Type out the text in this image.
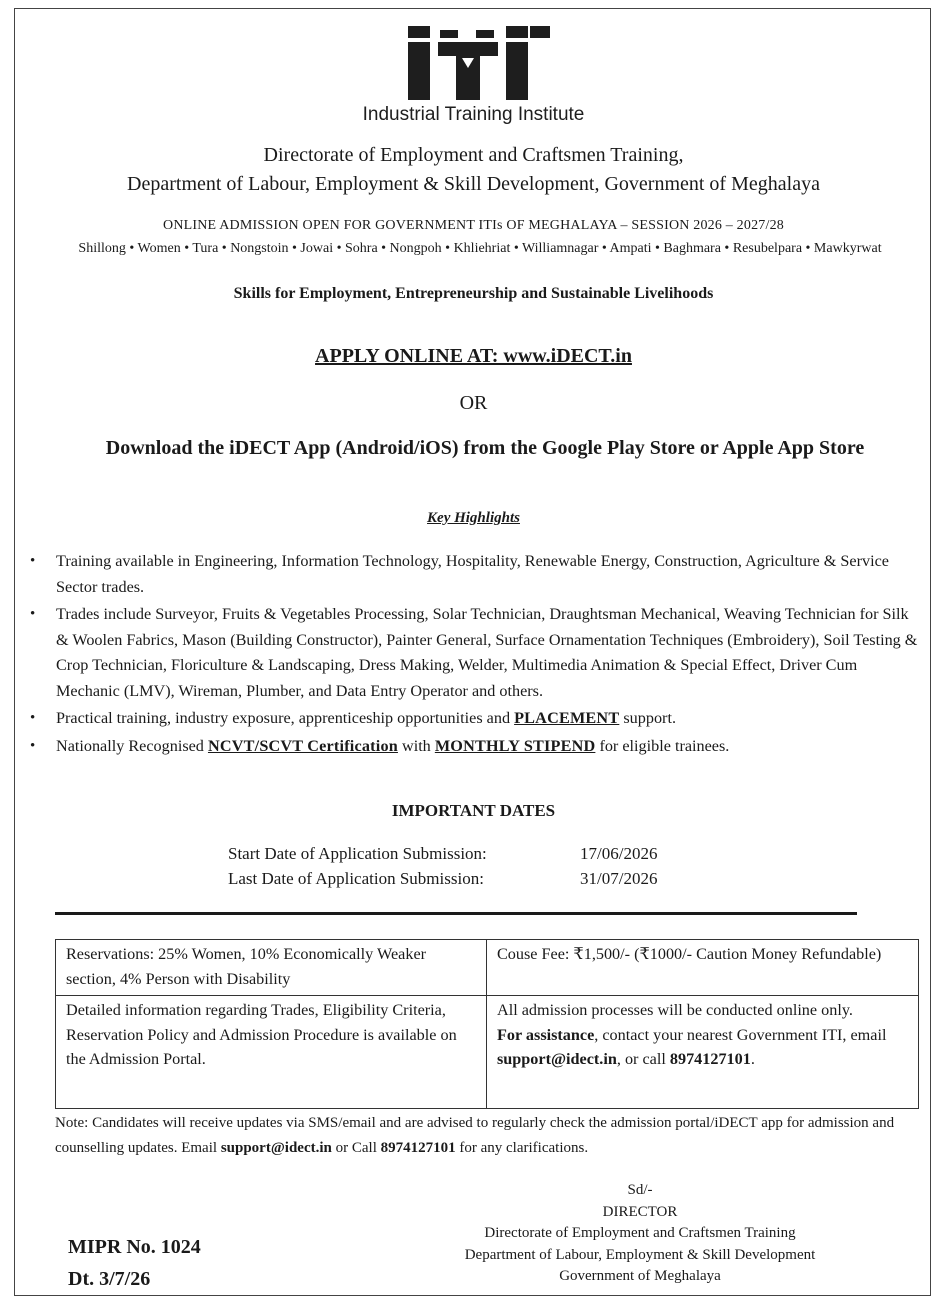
Industrial Training Institute
Directorate of Employment and Craftsmen Training,
Department of Labour, Employment & Skill Development, Government of Meghalaya
ONLINE ADMISSION OPEN FOR GOVERNMENT ITIs OF MEGHALAYA – SESSION 2026 – 2027/28
Shillong • Women • Tura • Nongstoin • Jowai • Sohra • Nongpoh • Khliehriat • Williamnagar • Ampati • Baghmara • Resubelpara • Mawkyrwat
Skills for Employment, Entrepreneurship and Sustainable Livelihoods
APPLY ONLINE AT: www.iDECT.in
OR
Download the iDECT App (Android/iOS) from the Google Play Store or Apple App Store
Key Highlights
• Training available in Engineering, Information Technology, Hospitality, Renewable Energy, Construction, Agriculture & Service Sector trades.
• Trades include Surveyor, Fruits & Vegetables Processing, Solar Technician, Draughtsman Mechanical, Weaving Technician for Silk & Woolen Fabrics, Mason (Building Constructor), Painter General, Surface Ornamentation Techniques (Embroidery), Soil Testing & Crop Technician, Floriculture & Landscaping, Dress Making, Welder, Multimedia Animation & Special Effect, Driver Cum Mechanic (LMV), Wireman, Plumber, and Data Entry Operator and others.
• Practical training, industry exposure, apprenticeship opportunities and PLACEMENT support.
• Nationally Recognised NCVT/SCVT Certification with MONTHLY STIPEND for eligible trainees.
IMPORTANT DATES
Start Date of Application Submission:	17/06/2026
Last Date of Application Submission:	31/07/2026
Reservations: 25% Women, 10% Economically Weaker section, 4% Person with Disability	Couse Fee: ₹1,500/- (₹1000/- Caution Money Refundable)
Detailed information regarding Trades, Eligibility Criteria, Reservation Policy and Admission Procedure is available on the Admission Portal.	All admission processes will be conducted online only.
For assistance, contact your nearest Government ITI, email support@idect.in, or call 8974127101.
Note: Candidates will receive updates via SMS/email and are advised to regularly check the admission portal/iDECT app for admission and counselling updates. Email support@idect.in or Call 8974127101 for any clarifications.
Sd/-
DIRECTOR
Directorate of Employment and Craftsmen Training
Department of Labour, Employment & Skill Development
Government of Meghalaya
MIPR No. 1024
Dt. 3/7/26
